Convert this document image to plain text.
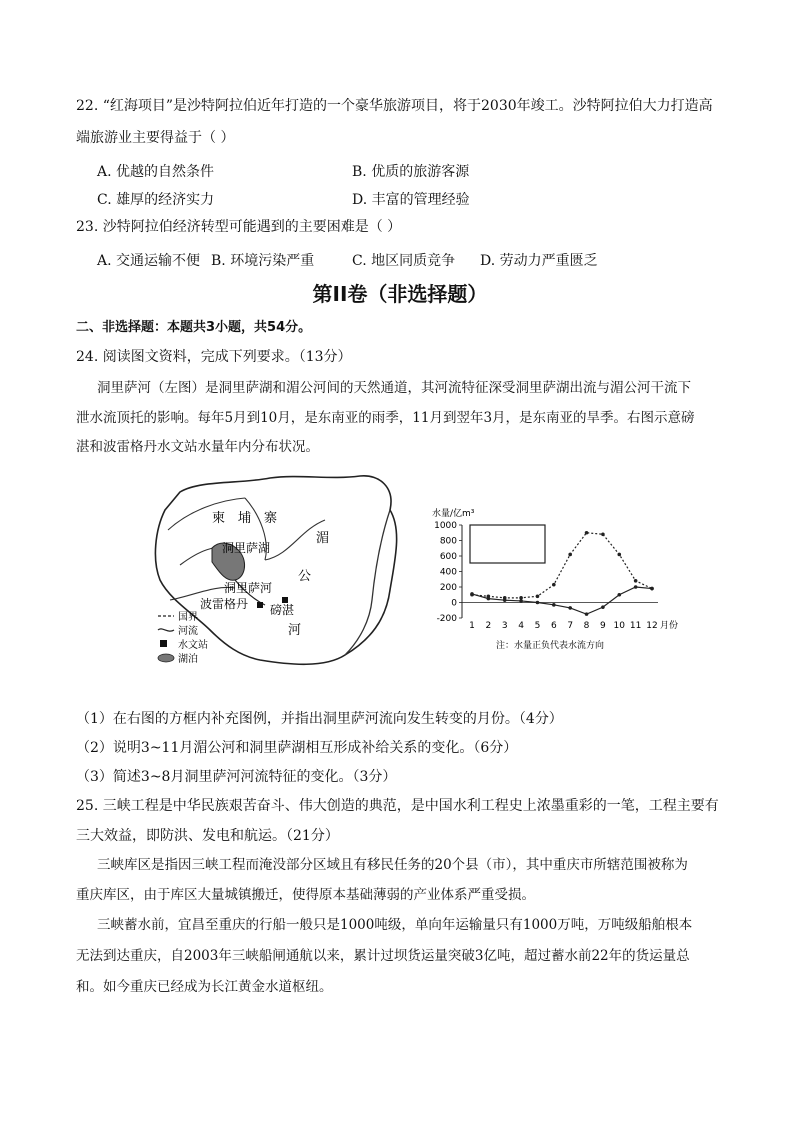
22. “红海项目”是沙特阿拉伯近年打造的一个豪华旅游项目，将于2030年竣工。沙特阿拉伯大力打造高
端旅游业主要得益于（ ）
A. 优越的自然条件	B. 优质的旅游客源
C. 雄厚的经济实力	D. 丰富的管理经验
23. 沙特阿拉伯经济转型可能遇到的主要困难是（ ）
A. 交通运输不便 B. 环境污染严重	C. 地区同质竞争 D. 劳动力严重匮乏
第II卷（非选择题）
二、非选择题：本题共3小题，共54分。
24. 阅读图文资料，完成下列要求。（13分）
洞里萨河（左图）是洞里萨湖和湄公河间的天然通道，其河流特征深受洞里萨湖出流与湄公河干流下
泄水流顶托的影响。每年5月到10月，是东南亚的雨季，11月到翌年3月，是东南亚的旱季。右图示意磅
湛和波雷格丹水文站水量年内分布状况。
柬 埔 寨
洞里萨湖
洞里萨河
波雷格丹 磅湛
湄
公
河
国界
河流
水文站
湖泊
水量/亿m³
月份
注：水量正负代表水流方向
-200
0
200
400
600
800
1000
1 2 3 4 5 6 7 8 9 10 11 12
（1）在右图的方框内补充图例，并指出洞里萨河流向发生转变的月份。（4分）
（2）说明3~11月湄公河和洞里萨湖相互形成补给关系的变化。（6分）
（3）简述3~8月洞里萨河河流特征的变化。（3分）
25. 三峡工程是中华民族艰苦奋斗、伟大创造的典范，是中国水利工程史上浓墨重彩的一笔，工程主要有
三大效益，即防洪、发电和航运。（21分）
三峡库区是指因三峡工程而淹没部分区域且有移民任务的20个县（市），其中重庆市所辖范围被称为
重庆库区，由于库区大量城镇搬迁，使得原本基础薄弱的产业体系严重受损。
三峡蓄水前，宜昌至重庆的行船一般只是1000吨级，单向年运输量只有1000万吨，万吨级船舶根本
无法到达重庆，自2003年三峡船闸通航以来，累计过坝货运量突破3亿吨，超过蓄水前22年的货运量总
和。如今重庆已经成为长江黄金水道枢纽。
